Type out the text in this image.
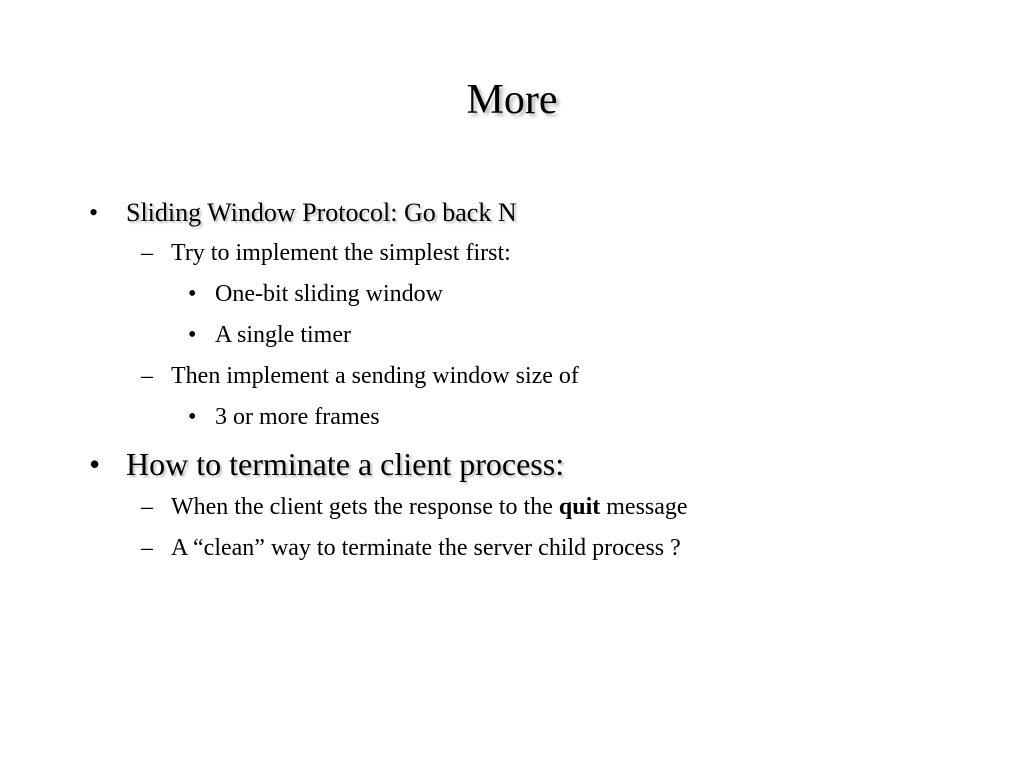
More
• Sliding Window Protocol: Go back N
– Try to implement the simplest first:
• One-bit sliding window
• A single timer
– Then implement a sending window size of
• 3 or more frames
• How to terminate a client process:
– When the client gets the response to the quit message
– A “clean” way to terminate the server child process ?
